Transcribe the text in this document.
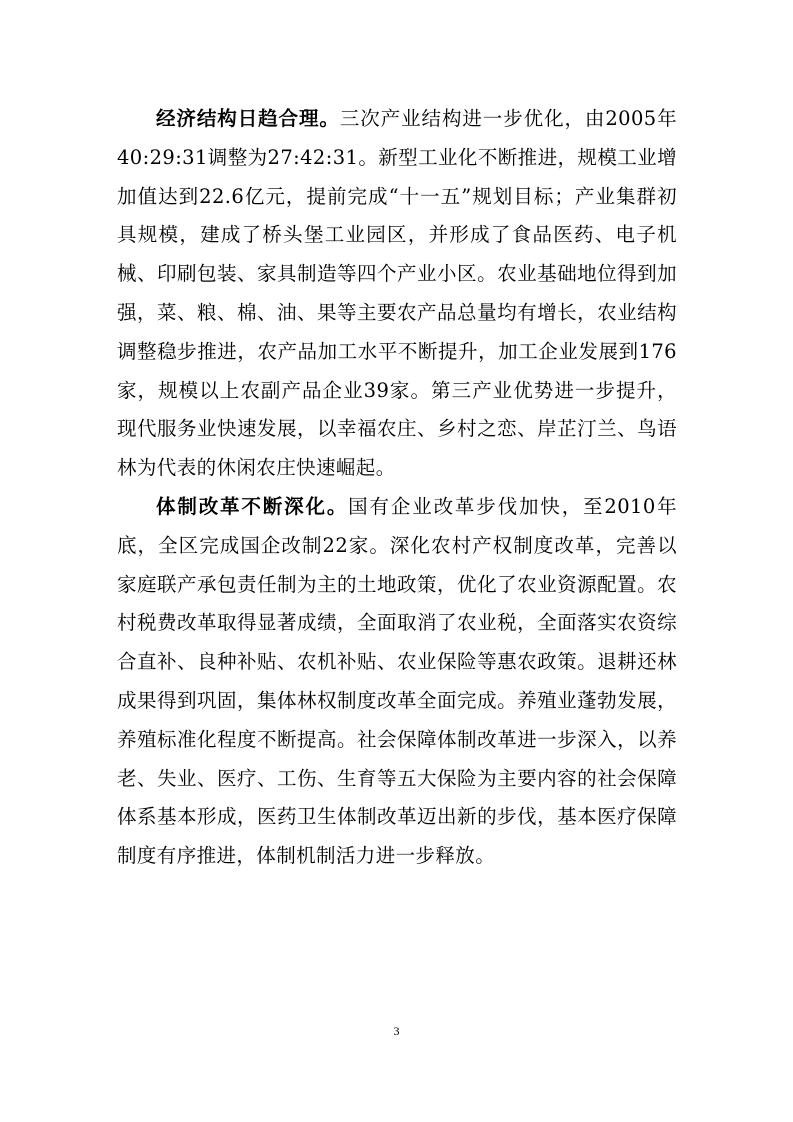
经济结构日趋合理。三次产业结构进一步优化，由2005年40:29:31调整为27:42:31。新型工业化不断推进，规模工业增加值达到22.6亿元，提前完成“十一五”规划目标；产业集群初具规模，建成了桥头堡工业园区，并形成了食品医药、电子机械、印刷包装、家具制造等四个产业小区。农业基础地位得到加强，菜、粮、棉、油、果等主要农产品总量均有增长，农业结构调整稳步推进，农产品加工水平不断提升，加工企业发展到176家，规模以上农副产品企业39家。第三产业优势进一步提升，现代服务业快速发展，以幸福农庄、乡村之恋、岸芷汀兰、鸟语林为代表的休闲农庄快速崛起。

体制改革不断深化。国有企业改革步伐加快，至2010年底，全区完成国企改制22家。深化农村产权制度改革，完善以家庭联产承包责任制为主的土地政策，优化了农业资源配置。农村税费改革取得显著成绩，全面取消了农业税，全面落实农资综合直补、良种补贴、农机补贴、农业保险等惠农政策。退耕还林成果得到巩固，集体林权制度改革全面完成。养殖业蓬勃发展，养殖标准化程度不断提高。社会保障体制改革进一步深入，以养老、失业、医疗、工伤、生育等五大保险为主要内容的社会保障体系基本形成，医药卫生体制改革迈出新的步伐，基本医疗保障制度有序推进，体制机制活力进一步释放。

3
